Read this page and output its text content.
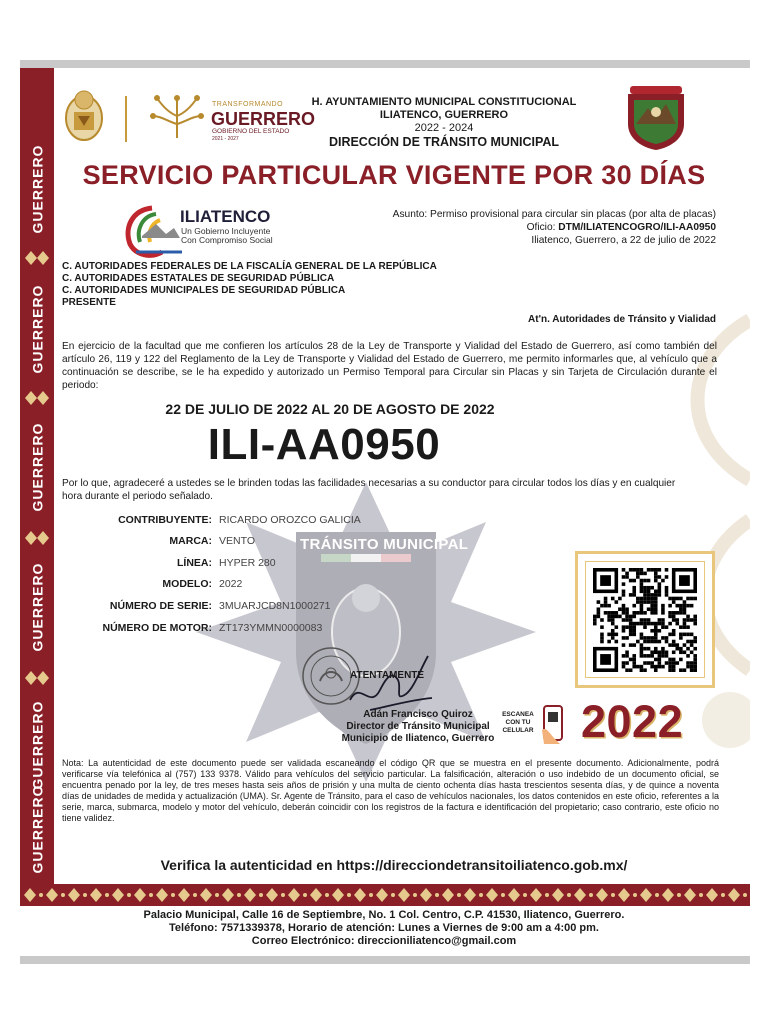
GUERRERO
GUERRERO
GUERRERO
GUERRERO
GUERRERO
GUERRERO
TRANSFORMANDO
GUERRERO
GOBIERNO DEL ESTADO
2021 - 2027
H. AYUNTAMIENTO MUNICIPAL CONSTITUCIONAL
ILIATENCO, GUERRERO
2022 - 2024
DIRECCIÓN DE TRÁNSITO MUNICIPAL
SERVICIO PARTICULAR VIGENTE POR 30 DÍAS
ILIATENCO
Un Gobierno Incluyente
Con Compromiso Social
Asunto: Permiso provisional para circular sin placas (por alta de placas)
Oficio: DTM/ILIATENCOGRO/ILI-AA0950
Iliatenco, Guerrero, a 22 de julio de 2022
C. AUTORIDADES FEDERALES DE LA FISCALÍA GENERAL DE LA REPÚBLICA
C. AUTORIDADES ESTATALES DE SEGURIDAD PÚBLICA
C. AUTORIDADES MUNICIPALES DE SEGURIDAD PÚBLICA
PRESENTE
At'n. Autoridades de Tránsito y Vialidad
En ejercicio de la facultad que me confieren los artículos 28 de la Ley de Transporte y Vialidad del Estado de Guerrero, así como también del artículo 26, 119 y 122 del Reglamento de la Ley de Transporte y Vialidad del Estado de Guerrero, me permito informarles que, al vehículo que a continuación se describe, se le ha expedido y autorizado un Permiso Temporal para Circular sin Placas y sin Tarjeta de Circulación durante el periodo:
TRÁNSITO MUNICIPAL
22 DE JULIO DE 2022 AL 20 DE AGOSTO DE 2022
ILI-AA0950
Por lo que, agradeceré a ustedes se le brinden todas las facilidades necesarias a su conductor para circular todos los días y en cualquier hora durante el periodo señalado.
CONTRIBUYENTE: RICARDO OROZCO GALICIA
MARCA: VENTO
LÍNEA: HYPER 280
MODELO: 2022
NÚMERO DE SERIE: 3MUARJCD8N1000271
NÚMERO DE MOTOR: ZT173YMMN0000083
ATENTAMENTE
Adán Francisco Quiroz
Director de Tránsito Municipal
Municipio de Iliatenco, Guerrero
ESCANEA
CON TU
CELULAR 2022
Nota: La autenticidad de este documento puede ser validada escaneando el código QR que se muestra en el presente documento. Adicionalmente, podrá verificarse vía telefónica al (757) 133 9378. Válido para vehículos del servicio particular. La falsificación, alteración o uso indebido de un documento oficial, se encuentra penado por la ley, de tres meses hasta seis años de prisión y una multa de ciento ochenta días hasta trescientos sesenta días, y de quince a noventa días de unidades de medida y actualización (UMA). Sr. Agente de Tránsito, para el caso de vehículos nacionales, los datos contenidos en este oficio, referentes a la serie, marca, submarca, modelo y motor del vehículo, deberán coincidir con los registros de la factura e identificación del propietario; caso contrario, este oficio no tiene validez.
Verifica la autenticidad en https://direcciondetransitoiliatenco.gob.mx/
Palacio Municipal, Calle 16 de Septiembre, No. 1 Col. Centro, C.P. 41530, Iliatenco, Guerrero.
Teléfono: 7571339378, Horario de atención: Lunes a Viernes de 9:00 am a 4:00 pm.
Correo Electrónico: direccioniliatenco@gmail.com
